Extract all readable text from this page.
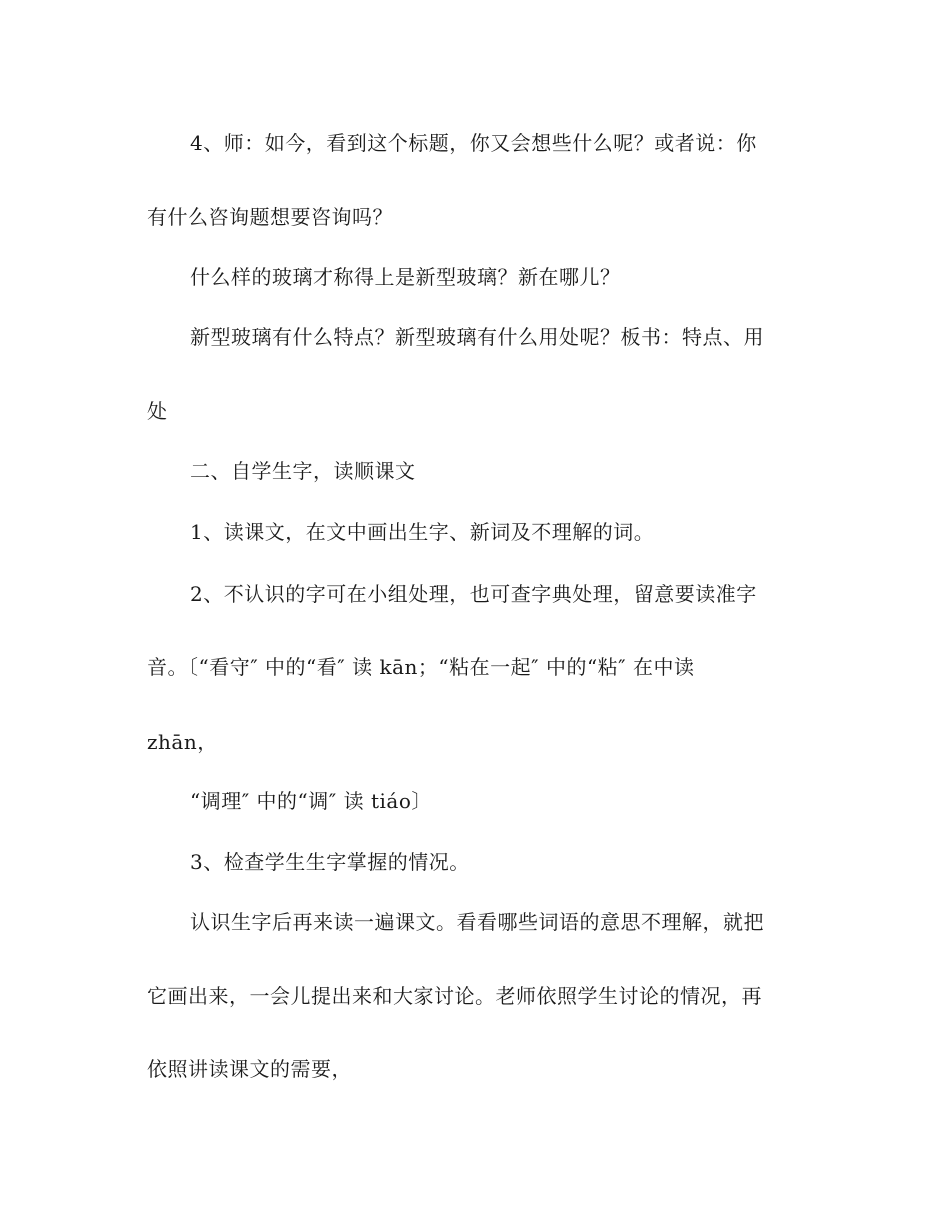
4、师：如今，看到这个标题，你又会想些什么呢？或者说：你
有什么咨询题想要咨询吗？
什么样的玻璃才称得上是新型玻璃？新在哪儿？
新型玻璃有什么特点？新型玻璃有什么用处呢？板书：特点、用
处
二、自学生字，读顺课文
1、读课文，在文中画出生字、新词及不理解的词。
2、不认识的字可在小组处理，也可查字典处理，留意要读准字
音。〔“看守″ 中的“看″ 读 kān；“粘在一起″ 中的“粘″ 在中读
zhān，
“调理″ 中的“调″ 读 tiáo〕
3、检查学生生字掌握的情况。
认识生字后再来读一遍课文。看看哪些词语的意思不理解，就把
它画出来，一会儿提出来和大家讨论。老师依照学生讨论的情况，再
依照讲读课文的需要，
